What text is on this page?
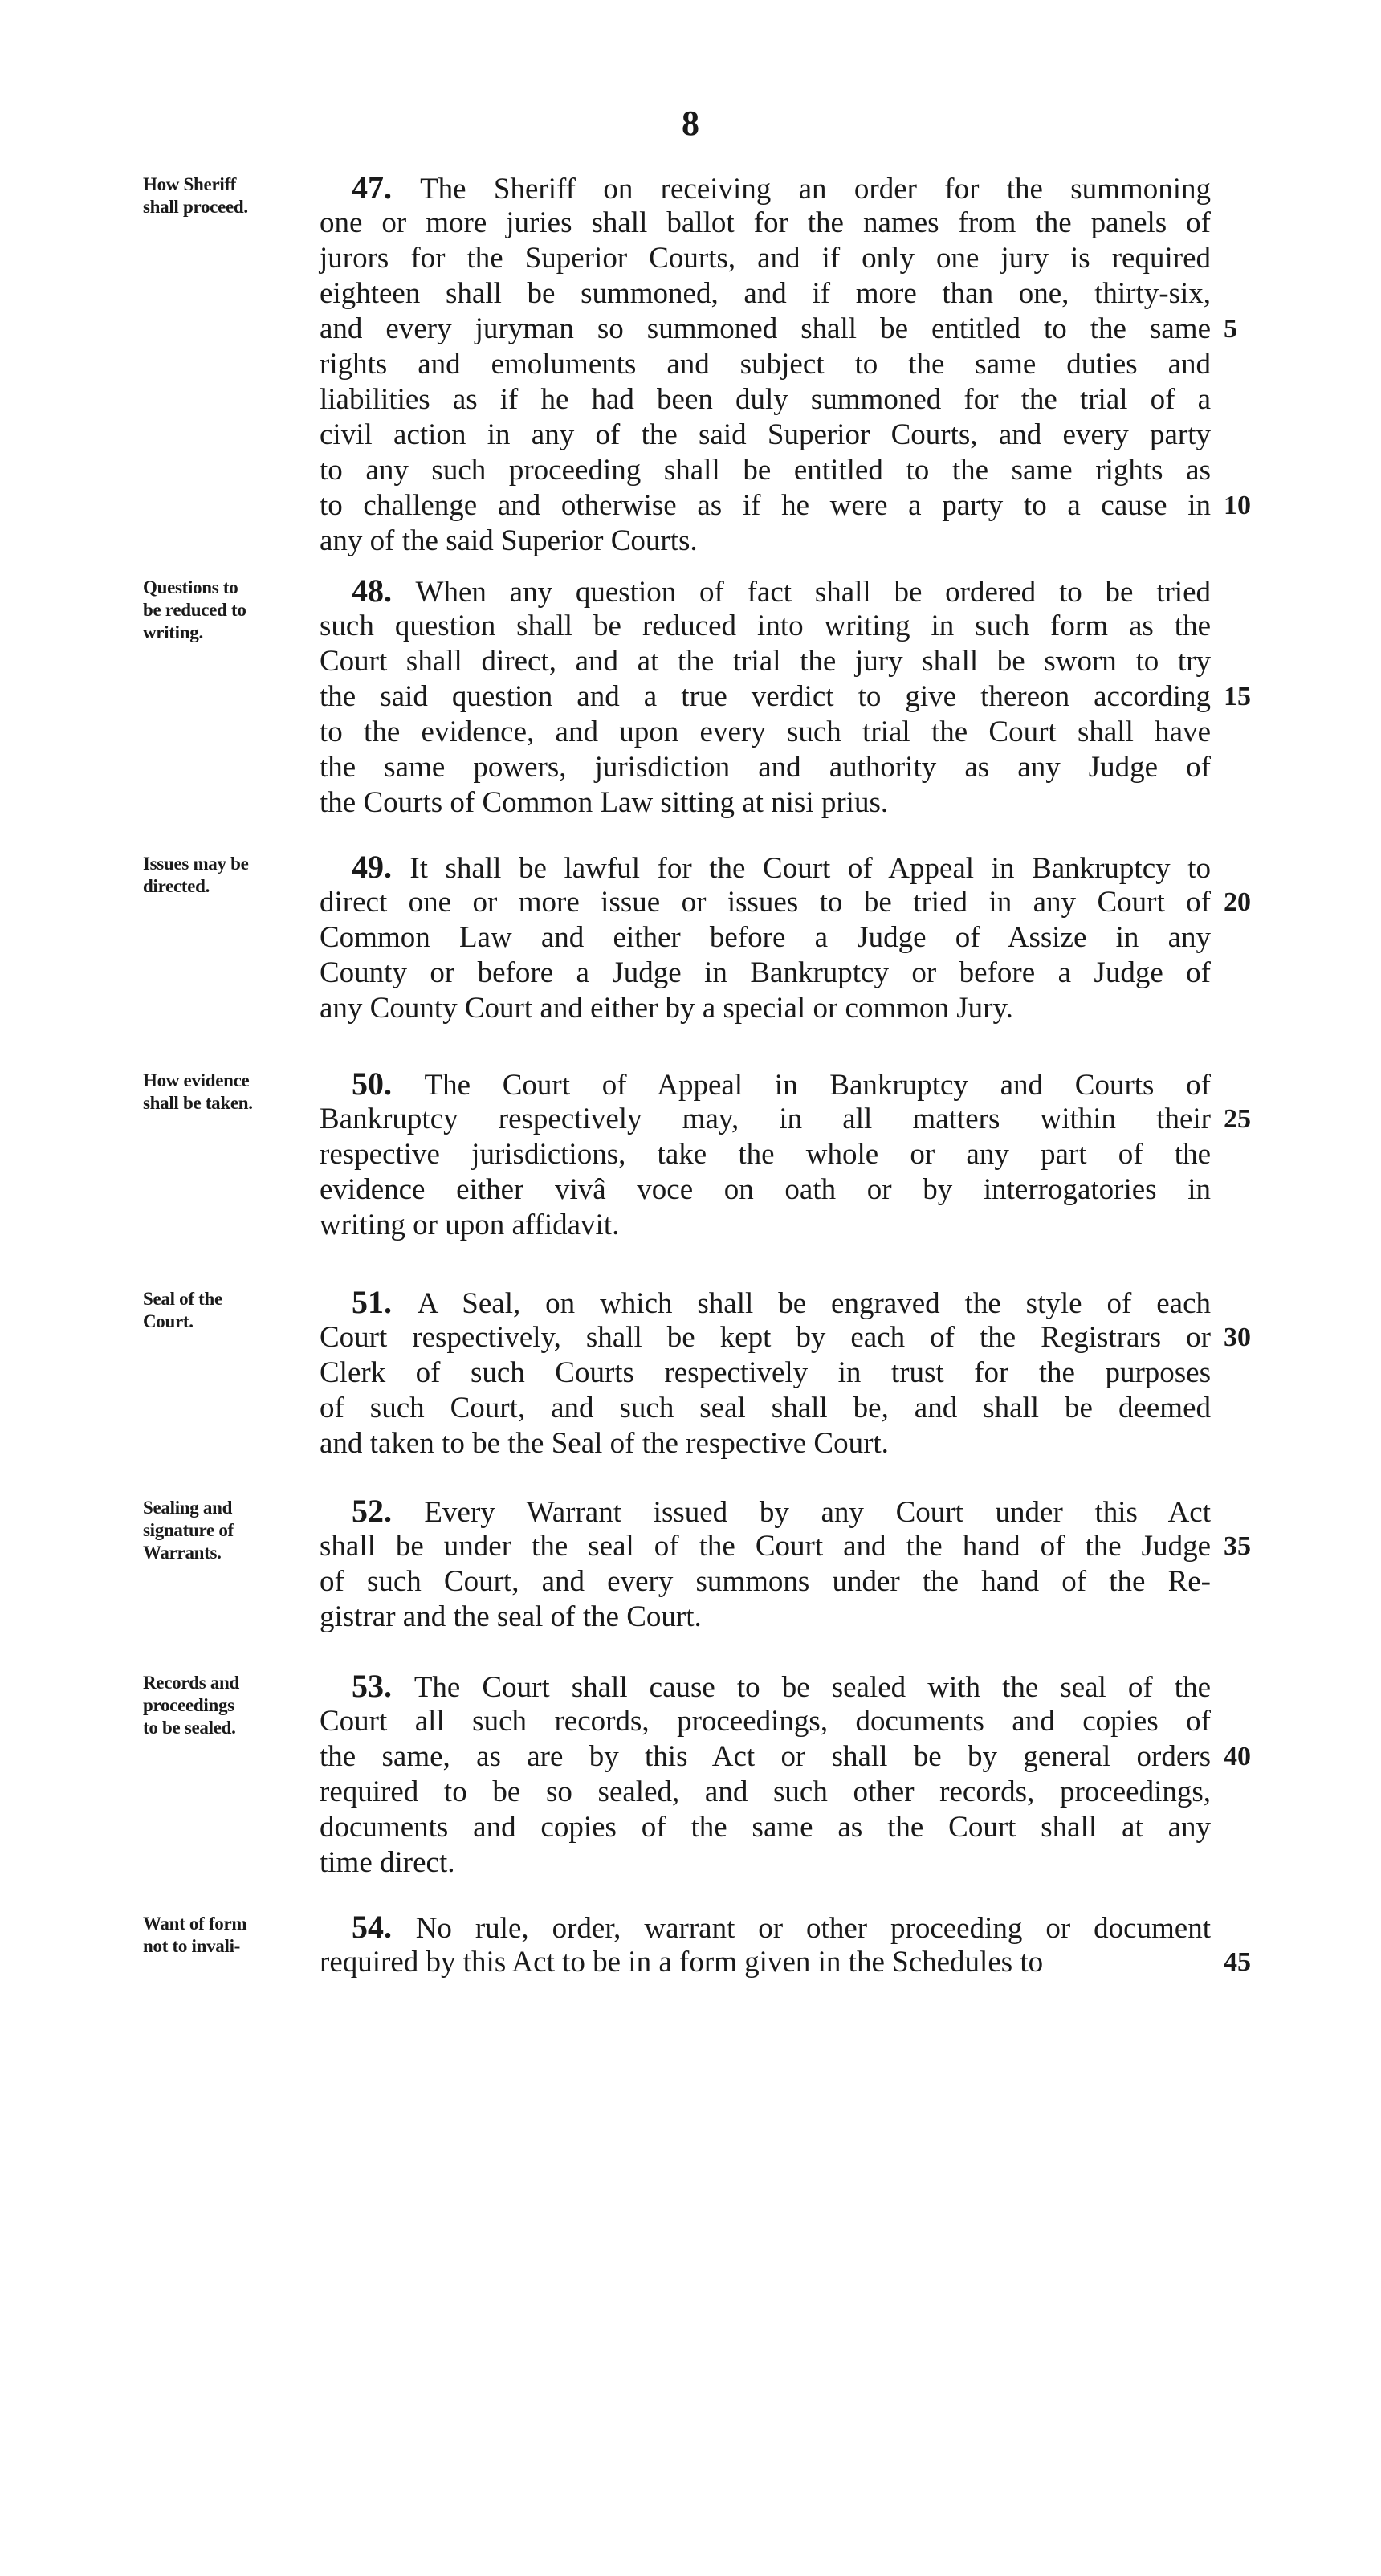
8
How Sheriff
shall proceed.
47. The Sheriff on receiving an order for the summoning
one or more juries shall ballot for the names from the panels of
jurors for the Superior Courts, and if only one jury is required
eighteen shall be summoned, and if more than one, thirty-six,
and every juryman so summoned shall be entitled to the same
rights and emoluments and subject to the same duties and
liabilities as if he had been duly summoned for the trial of a
civil action in any of the said Superior Courts, and every party
to any such proceeding shall be entitled to the same rights as
to challenge and otherwise as if he were a party to a cause in
any of the said Superior Courts.
5
10
Questions to
be reduced to
writing.
48. When any question of fact shall be ordered to be tried
such question shall be reduced into writing in such form as the
Court shall direct, and at the trial the jury shall be sworn to try
the said question and a true verdict to give thereon according
to the evidence, and upon every such trial the Court shall have
the same powers, jurisdiction and authority as any Judge of
the Courts of Common Law sitting at nisi prius.
15
Issues may be
directed.
49. It shall be lawful for the Court of Appeal in Bankruptcy to
direct one or more issue or issues to be tried in any Court of
Common Law and either before a Judge of Assize in any
County or before a Judge in Bankruptcy or before a Judge of
any County Court and either by a special or common Jury.
20
How evidence
shall be taken.
50. The Court of Appeal in Bankruptcy and Courts of
Bankruptcy respectively may, in all matters within their
respective jurisdictions, take the whole or any part of the
evidence either vivâ voce on oath or by interrogatories in
writing or upon affidavit.
25
Seal of the
Court.
51. A Seal, on which shall be engraved the style of each
Court respectively, shall be kept by each of the Registrars or
Clerk of such Courts respectively in trust for the purposes
of such Court, and such seal shall be, and shall be deemed
and taken to be the Seal of the respective Court.
30
Sealing and
signature of
Warrants.
52. Every Warrant issued by any Court under this Act
shall be under the seal of the Court and the hand of the Judge
of such Court, and every summons under the hand of the Re-
gistrar and the seal of the Court.
35
Records and
proceedings
to be sealed.
53. The Court shall cause to be sealed with the seal of the
Court all such records, proceedings, documents and copies of
the same, as are by this Act or shall be by general orders
required to be so sealed, and such other records, proceedings,
documents and copies of the same as the Court shall at any
time direct.
40
Want of form
not to invali-
54. No rule, order, warrant or other proceeding or document
required by this Act to be in a form given in the Schedules to	45
